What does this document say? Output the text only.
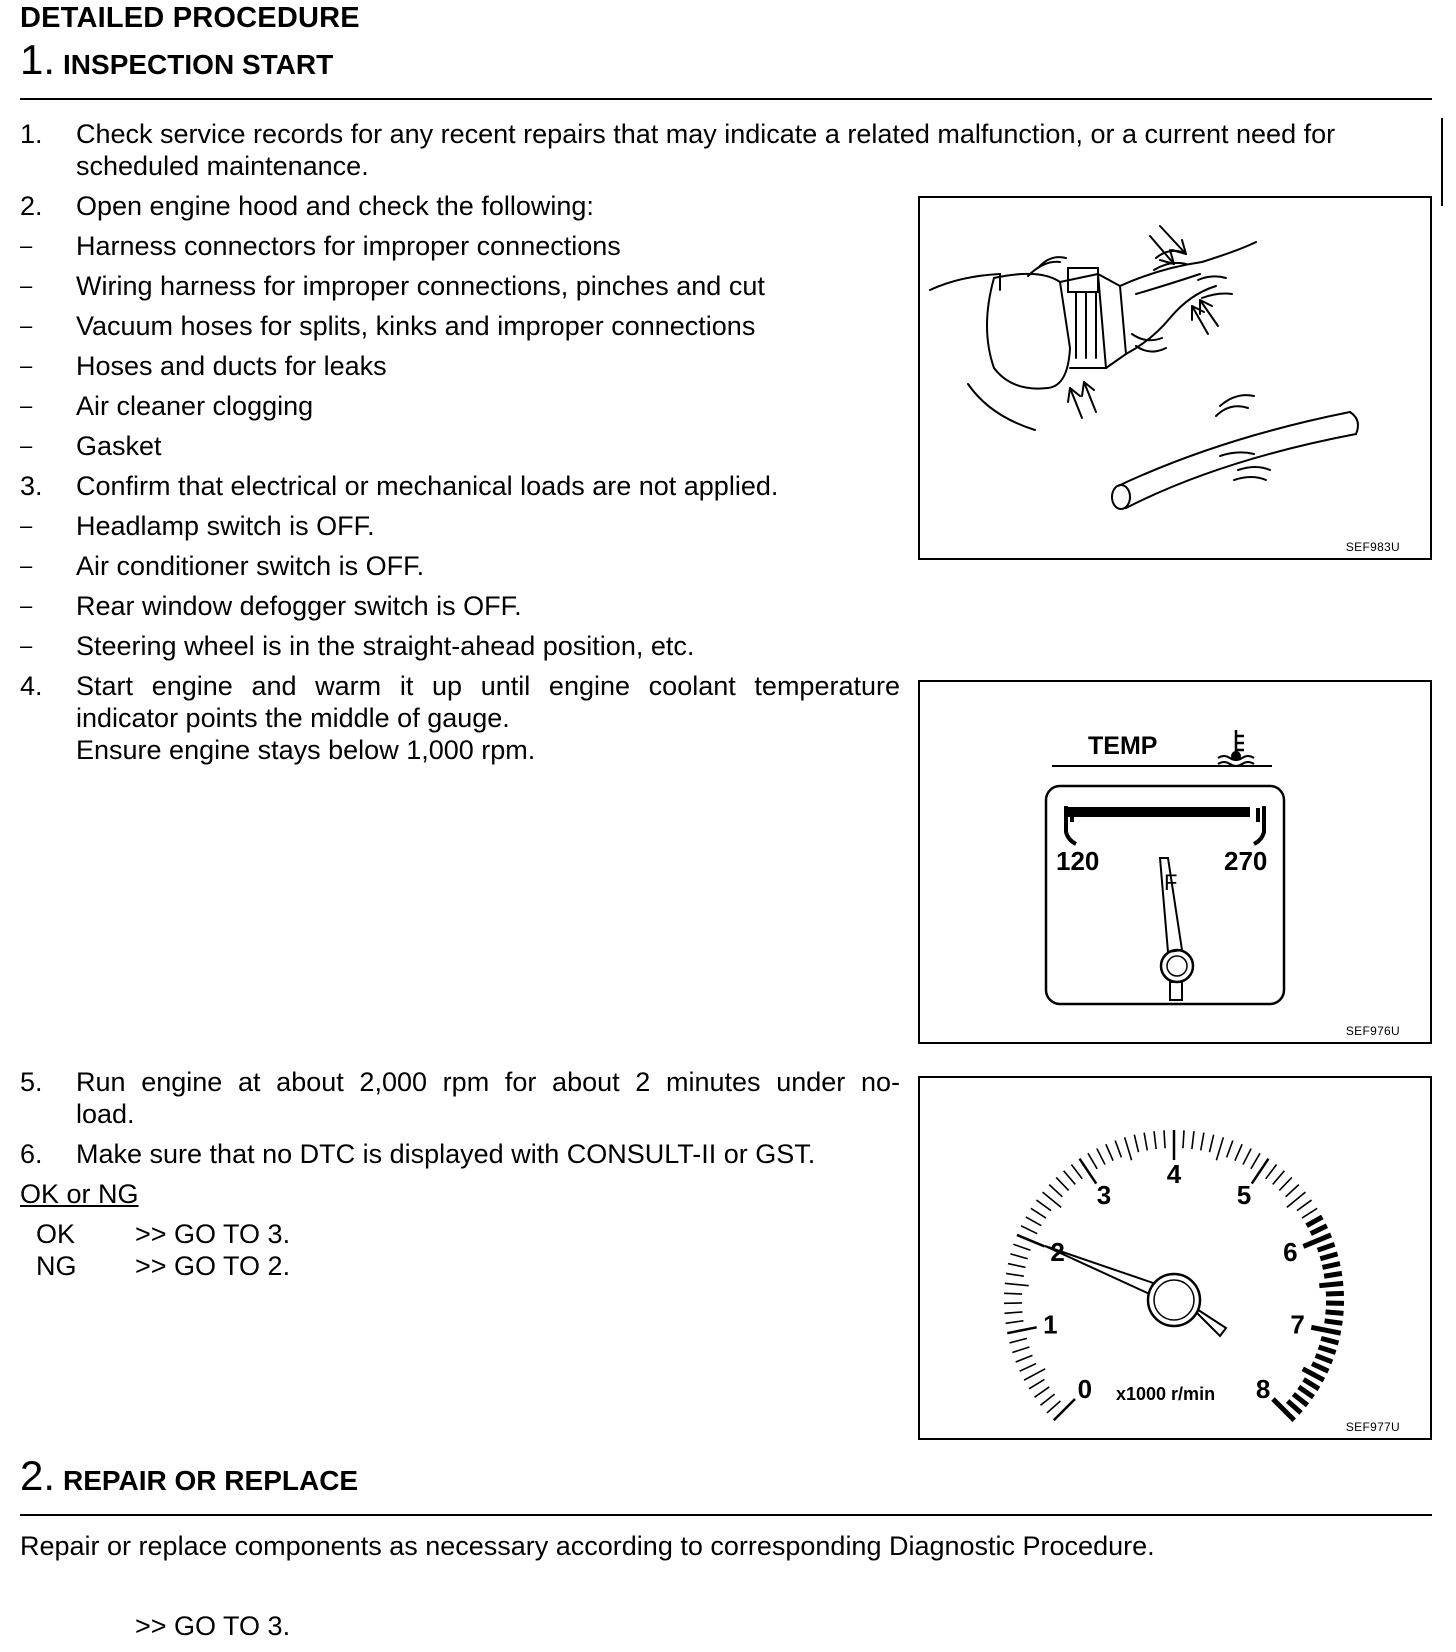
DETAILED PROCEDURE
1. INSPECTION START
1. Check service records for any recent repairs that may indicate a related malfunction, or a current need for
scheduled maintenance.
2. Open engine hood and check the following:
– Harness connectors for improper connections
– Wiring harness for improper connections, pinches and cut
– Vacuum hoses for splits, kinks and improper connections
– Hoses and ducts for leaks
– Air cleaner clogging
– Gasket
3. Confirm that electrical or mechanical loads are not applied.
– Headlamp switch is OFF.
– Air conditioner switch is OFF.
– Rear window defogger switch is OFF.
– Steering wheel is in the straight-ahead position, etc.
4. Start engine and warm it up until engine coolant temperature
indicator points the middle of gauge.
Ensure engine stays below 1,000 rpm.
5. Run engine at about 2,000 rpm for about 2 minutes under no-
load.
6. Make sure that no DTC is displayed with CONSULT-II or GST.
OK or NG
OK >> GO TO 3.
NG >> GO TO 2.
SEF983U
TEMP
120	270
F
SEF976U
0
1
2
3
4
5
6
7
8
x1000 r/min
SEF977U
2. REPAIR OR REPLACE
Repair or replace components as necessary according to corresponding Diagnostic Procedure.
>> GO TO 3.
